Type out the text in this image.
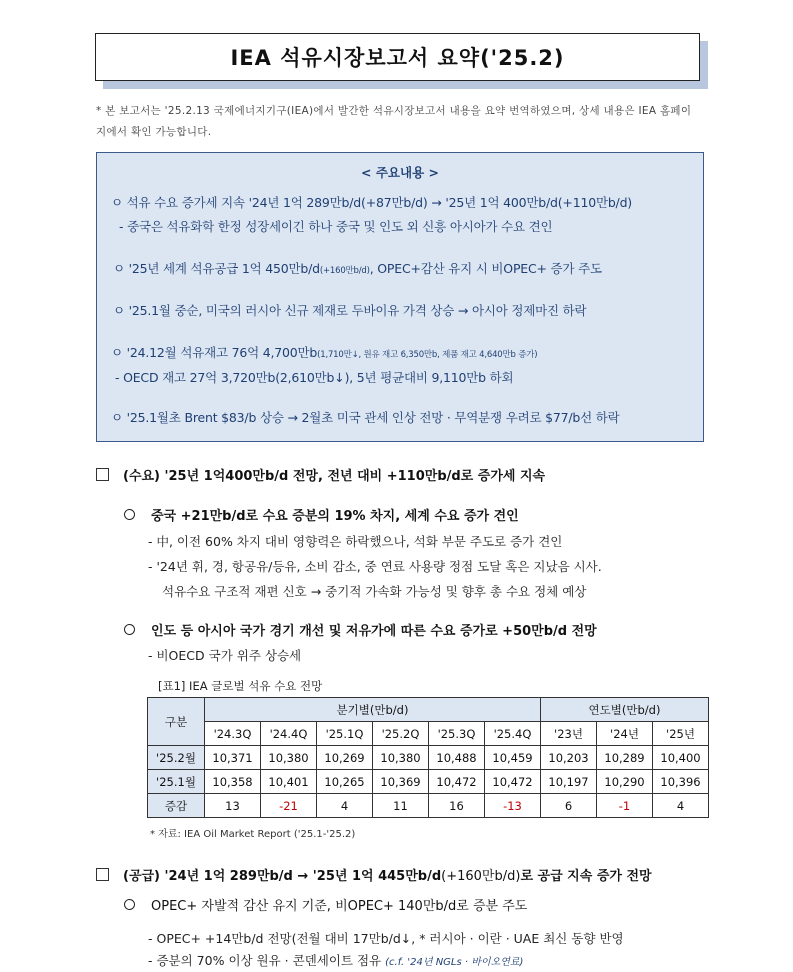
IEA 석유시장보고서 요약('25.2)
* 본 보고서는 '25.2.13 국제에너지기구(IEA)에서 발간한 석유시장보고서 내용을 요약 번역하였으며, 상세 내용은 IEA 홈페이지에서 확인 가능합니다.
< 주요내용 >
ㅇ 석유 수요 증가세 지속 '24년 1억 289만b/d(+87만b/d) → '25년 1억 400만b/d(+110만b/d)
- 중국은 석유화학 한정 성장세이긴 하나 중국 및 인도 외 신흥 아시아가 수요 견인
ㅇ '25년 세계 석유공급 1억 450만b/d(+160만b/d), OPEC+감산 유지 시 비OPEC+ 증가 주도
ㅇ '25.1월 중순, 미국의 러시아 신규 제재로 두바이유 가격 상승 → 아시아 정제마진 하락
ㅇ '24.12월 석유재고 76억 4,700만b(1,710만↓, 원유 재고 6,350만b, 제품 재고 4,640만b 증가)
- OECD 재고 27억 3,720만b(2,610만b↓), 5년 평균대비 9,110만b 하회
ㅇ '25.1월초 Brent $83/b 상승 → 2월초 미국 관세 인상 전망 · 무역분쟁 우려로 $77/b선 하락
(수요) '25년 1억400만b/d 전망, 전년 대비 +110만b/d로 증가세 지속
중국 +21만b/d로 수요 증분의 19% 차지, 세계 수요 증가 견인
- 中, 이전 60% 차지 대비 영향력은 하락했으나, 석화 부문 주도로 증가 견인
- '24년 휘, 경, 항공유/등유, 소비 감소, 중 연료 사용량 정점 도달 혹은 지났음 시사.
석유수요 구조적 재편 신호 → 중기적 가속화 가능성 및 향후 총 수요 정체 예상
인도 등 아시아 국가 경기 개선 및 저유가에 따른 수요 증가로 +50만b/d 전망
- 비OECD 국가 위주 상승세
[표1] IEA 글로벌 석유 수요 전망
구분	분기별(만b/d)						연도별(만b/d)		
	'24.3Q	'24.4Q	'25.1Q	'25.2Q	'25.3Q	'25.4Q	'23년	'24년	'25년
'25.2월	10,371	10,380	10,269	10,380	10,488	10,459	10,203	10,289	10,400
'25.1월	10,358	10,401	10,265	10,369	10,472	10,472	10,197	10,290	10,396
증감	13	-21	4	11	16	-13	6	-1	4
* 자료: IEA Oil Market Report ('25.1-'25.2)
(공급) '24년 1억 289만b/d → '25년 1억 445만b/d(+160만b/d)로 공급 지속 증가 전망
OPEC+ 자발적 감산 유지 기준, 비OPEC+ 140만b/d로 증분 주도
- OPEC+ +14만b/d 전망(전월 대비 17만b/d↓, * 러시아 · 이란 · UAE 최신 동향 반영
- 증분의 70% 이상 원유 · 콘덴세이트 점유 (c.f. '24년 NGLs · 바이오연료)
